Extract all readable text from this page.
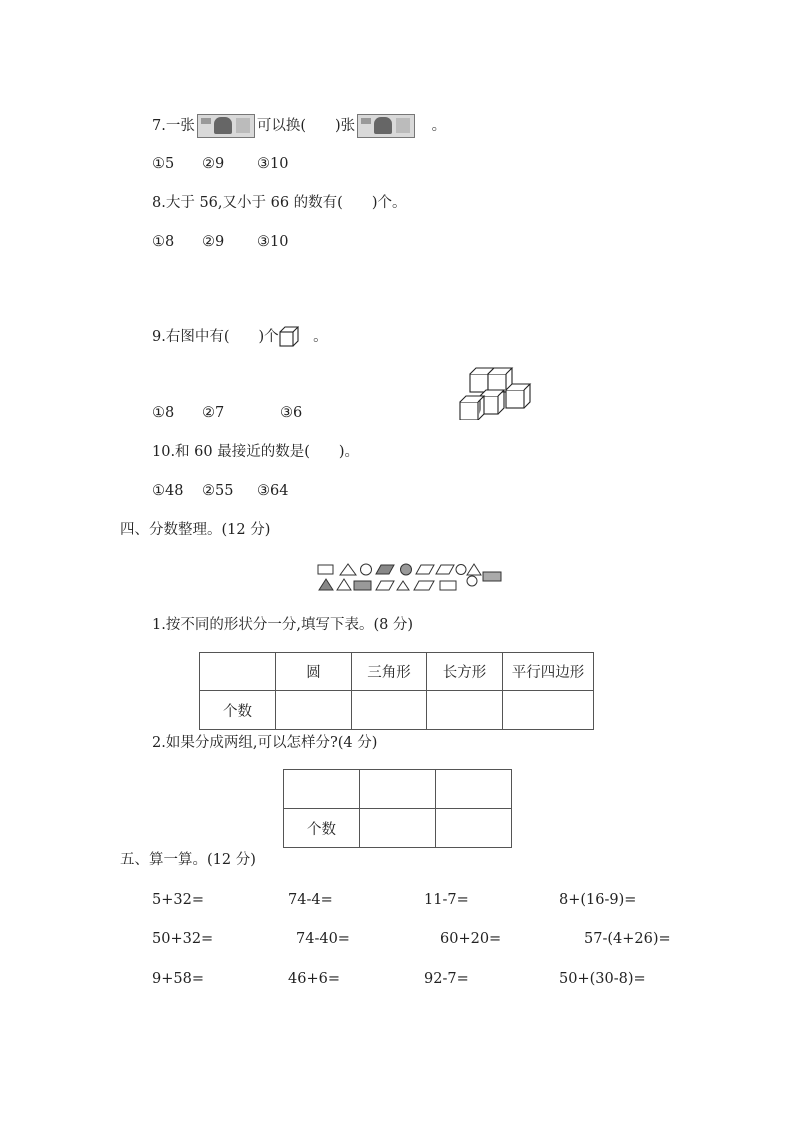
7.一张	可以换(　　)张
　	。
①5 ②9 ③10
8.大于 56,又小于 66 的数有(　　)个。
①8 ②9 ③10
9.右图中有(　　)个　 。
①8 ②7	③6
10.和 60 最接近的数是(　　)。
①48 ②55 ③64
四、分数整理。(12 分)
1.按不同的形状分一分,填写下表。(8 分)
	圆	三角形	长方形	平行四边形
个数				
2.如果分成两组,可以怎样分?(4 分)

个数		
五、算一算。(12 分)
5+32=	74-4=	11-7=	8+(16-9)=
50+32=	74-40=	60+20=	57-(4+26)=
9+58=	46+6=	92-7=	50+(30-8)=
